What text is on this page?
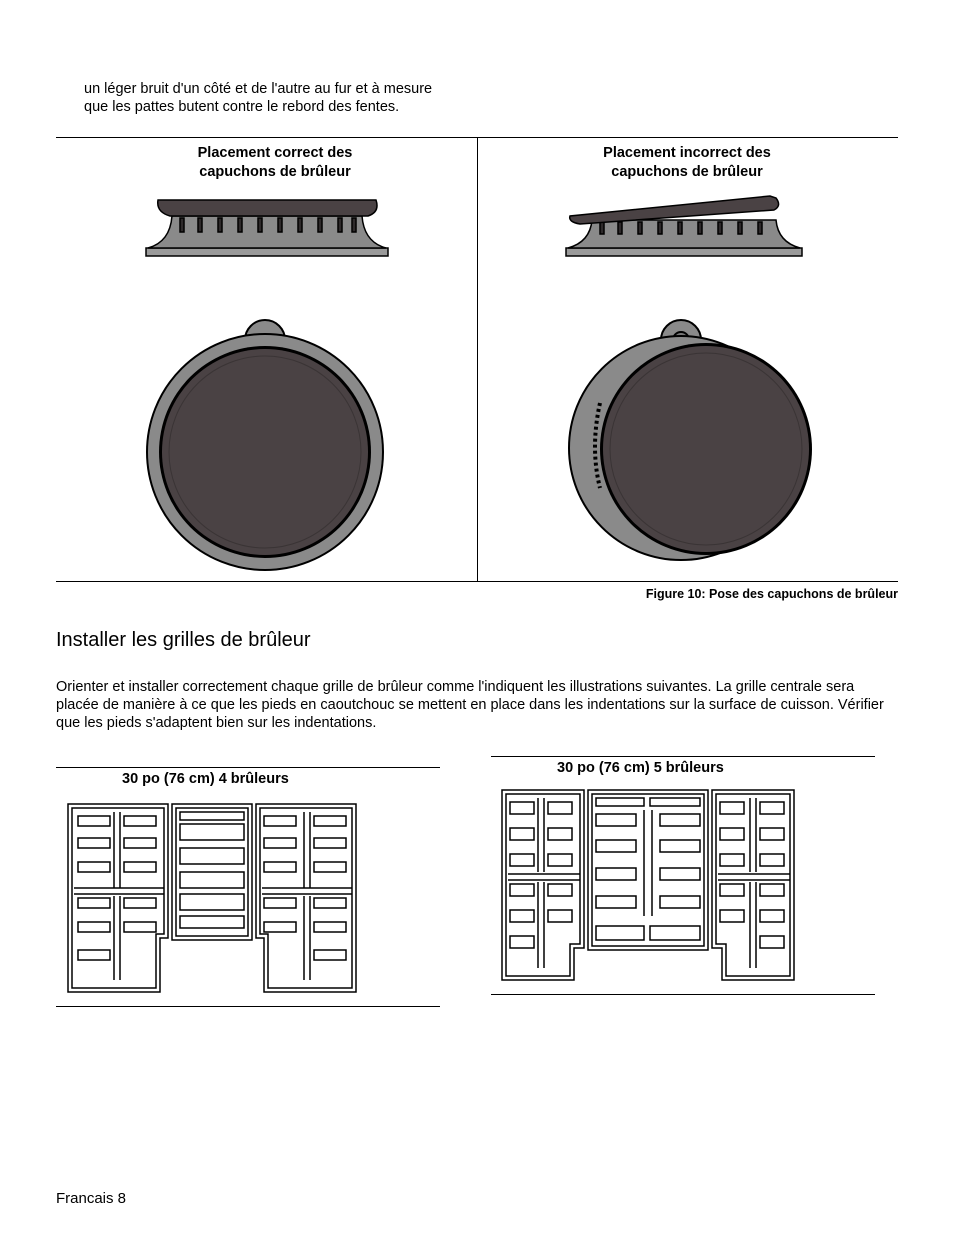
un léger bruit d'un côté et de l'autre au fur et à mesure
que les pattes butent contre le rebord des fentes.
Placement correct des
capuchons de brûleur
Placement incorrect des
capuchons de brûleur
Figure 10: Pose des capuchons de brûleur
Installer les grilles de brûleur
Orienter et installer correctement chaque grille de brûleur comme l'indiquent les illustrations suivantes. La grille centrale sera placée de manière à ce que les pieds en caoutchouc se mettent en place dans les indentations sur la surface de cuisson. Vérifier que les pieds s'adaptent bien sur les indentations.
30 po (76 cm) 4 brûleurs
30 po (76 cm) 5 brûleurs
Francais 8
